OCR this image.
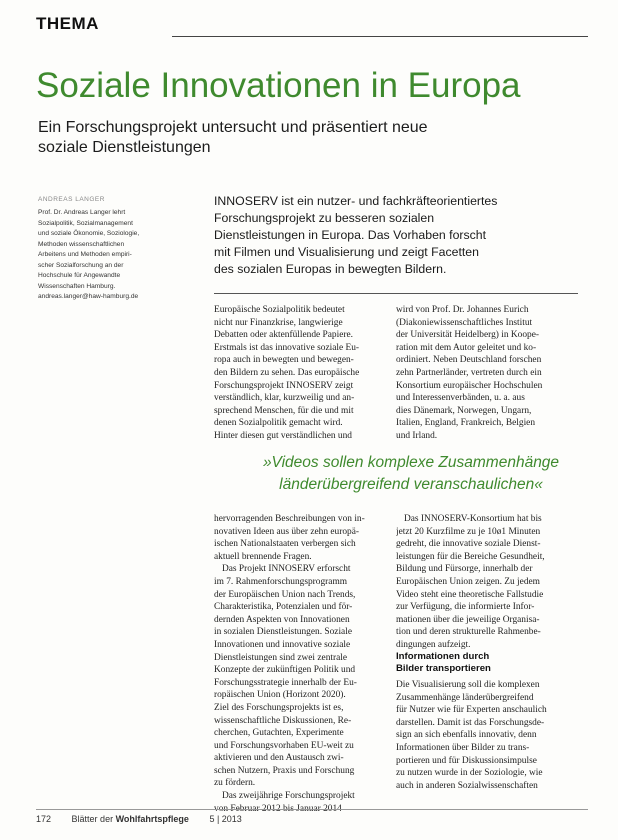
THEMA
Soziale Innovationen in Europa
Ein Forschungsprojekt untersucht und präsentiert neue soziale Dienstleistungen
ANDREAS LANGER
Prof. Dr. Andreas Langer lehrt
Sozialpolitik, Sozialmanagement
und soziale Ökonomie, Soziologie,
Methoden wissenschaftlichen
Arbeitens und Methoden empiri-
scher Sozialforschung an der
Hochschule für Angewandte
Wissenschaften Hamburg.
andreas.langer@haw-hamburg.de
INNOSERV ist ein nutzer- und fachkräfteorientiertes
Forschungsprojekt zu besseren sozialen
Dienstleistungen in Europa. Das Vorhaben forscht
mit Filmen und Visualisierung und zeigt Facetten
des sozialen Europas in bewegten Bildern.
Europäische Sozialpolitik bedeutet
nicht nur Finanzkrise, langwierige
Debatten oder aktenfüllende Papiere.
Erstmals ist das innovative soziale Eu-
ropa auch in bewegten und bewegen-
den Bildern zu sehen. Das europäische
Forschungsprojekt INNOSERV zeigt
verständlich, klar, kurzweilig und an-
sprechend Menschen, für die und mit
denen Sozialpolitik gemacht wird.
Hinter diesen gut verständlichen und
wird von Prof. Dr. Johannes Eurich
(Diakoniewissenschaftliches Institut
der Universität Heidelberg) in Koope-
ration mit dem Autor geleitet und ko-
ordiniert. Neben Deutschland forschen
zehn Partnerländer, vertreten durch ein
Konsortium europäischer Hochschulen
und Interessenverbänden, u. a. aus
dies Dänemark, Norwegen, Ungarn,
Italien, England, Frankreich, Belgien
und Irland.
»Videos sollen komplexe Zusammenhänge
länderübergreifend veranschaulichen«
hervorragenden Beschreibungen von in-
novativen Ideen aus über zehn europä-
ischen Nationalstaaten verbergen sich
aktuell brennende Fragen.
Das Projekt INNOSERV erforscht
im 7. Rahmenforschungsprogramm
der Europäischen Union nach Trends,
Charakteristika, Potenzialen und för-
dernden Aspekten von Innovationen
in sozialen Dienstleistungen. Soziale
Innovationen und innovative soziale
Dienstleistungen sind zwei zentrale
Konzepte der zukünftigen Politik und
Forschungsstrategie innerhalb der Eu-
ropäischen Union (Horizont 2020).
Ziel des Forschungsprojekts ist es,
wissenschaftliche Diskussionen, Re-
cherchen, Gutachten, Experimente
und Forschungsvorhaben EU-weit zu
aktivieren und den Austausch zwi-
schen Nutzern, Praxis und Forschung
zu fördern.
Das zweijährige Forschungsprojekt
von Februar 2012 bis Januar 2014
Das INNOSERV-Konsortium hat bis
jetzt 20 Kurzfilme zu je 10ø1 Minuten
gedreht, die innovative soziale Dienst-
leistungen für die Bereiche Gesundheit,
Bildung und Fürsorge, innerhalb der
Europäischen Union zeigen. Zu jedem
Video steht eine theoretische Fallstudie
zur Verfügung, die informierte Infor-
mationen über die jeweilige Organisa-
tion und deren strukturelle Rahmenbe-
dingungen aufzeigt.
Informationen durch
Bilder transportieren
Die Visualisierung soll die komplexen
Zusammenhänge länderübergreifend
für Nutzer wie für Experten anschaulich
darstellen. Damit ist das Forschungsde-
sign an sich ebenfalls innovativ, denn
Informationen über Bilder zu trans-
portieren und für Diskussionsimpulse
zu nutzen wurde in der Soziologie, wie
auch in anderen Sozialwissenschaften
172 Blätter der Wohlfahrtspflege 5 | 2013
